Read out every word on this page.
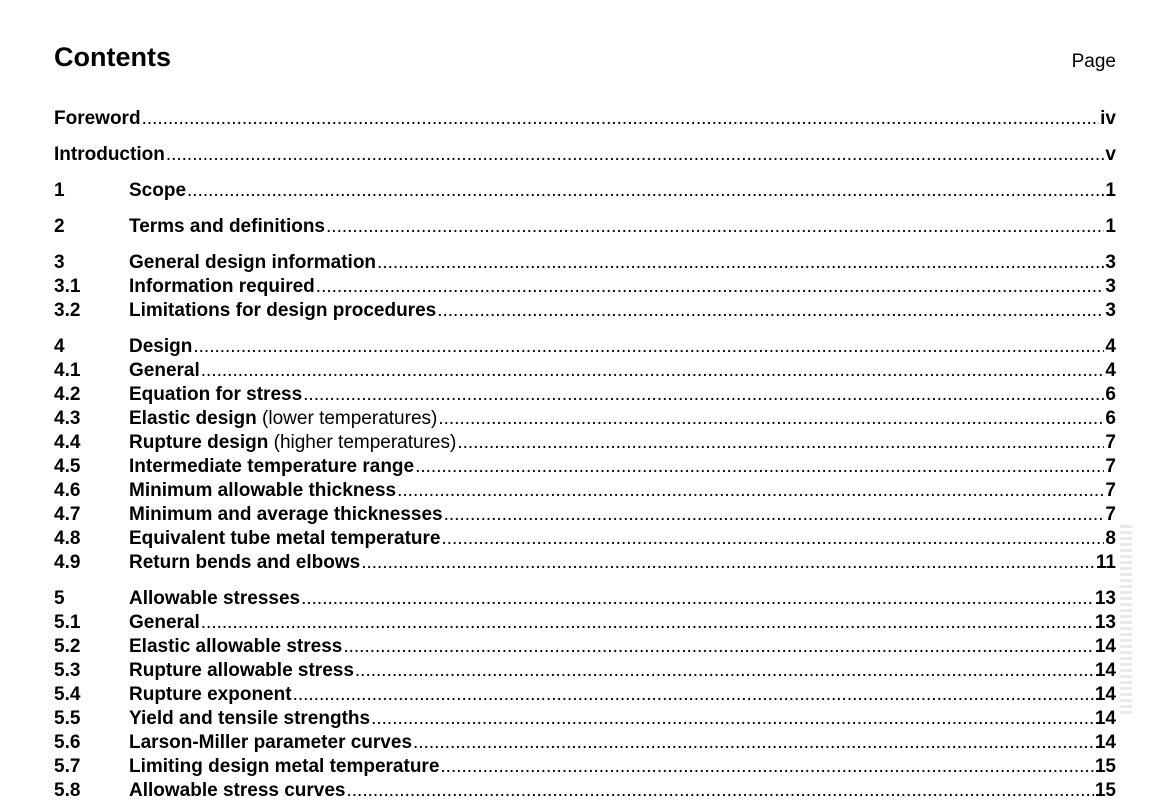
Contents	Page
Foreword .....	iv
Introduction .....	v
1	Scope .....	1
2	Terms and definitions .....	1
3	General design information .....	3
3.1	Information required .....	3
3.2	Limitations for design procedures .....	3
4	Design .....	4
4.1	General .....	4
4.2	Equation for stress .....	6
4.3	Elastic design (lower temperatures) .....	6
4.4	Rupture design (higher temperatures) .....	7
4.5	Intermediate temperature range .....	7
4.6	Minimum allowable thickness .....	7
4.7	Minimum and average thicknesses .....	7
4.8	Equivalent tube metal temperature .....	8
4.9	Return bends and elbows .....	11
5	Allowable stresses .....	13
5.1	General .....	13
5.2	Elastic allowable stress .....	14
5.3	Rupture allowable stress .....	14
5.4	Rupture exponent .....	14
5.5	Yield and tensile strengths .....	14
5.6	Larson-Miller parameter curves .....	14
5.7	Limiting design metal temperature .....	15
5.8	Allowable stress curves .....	15
